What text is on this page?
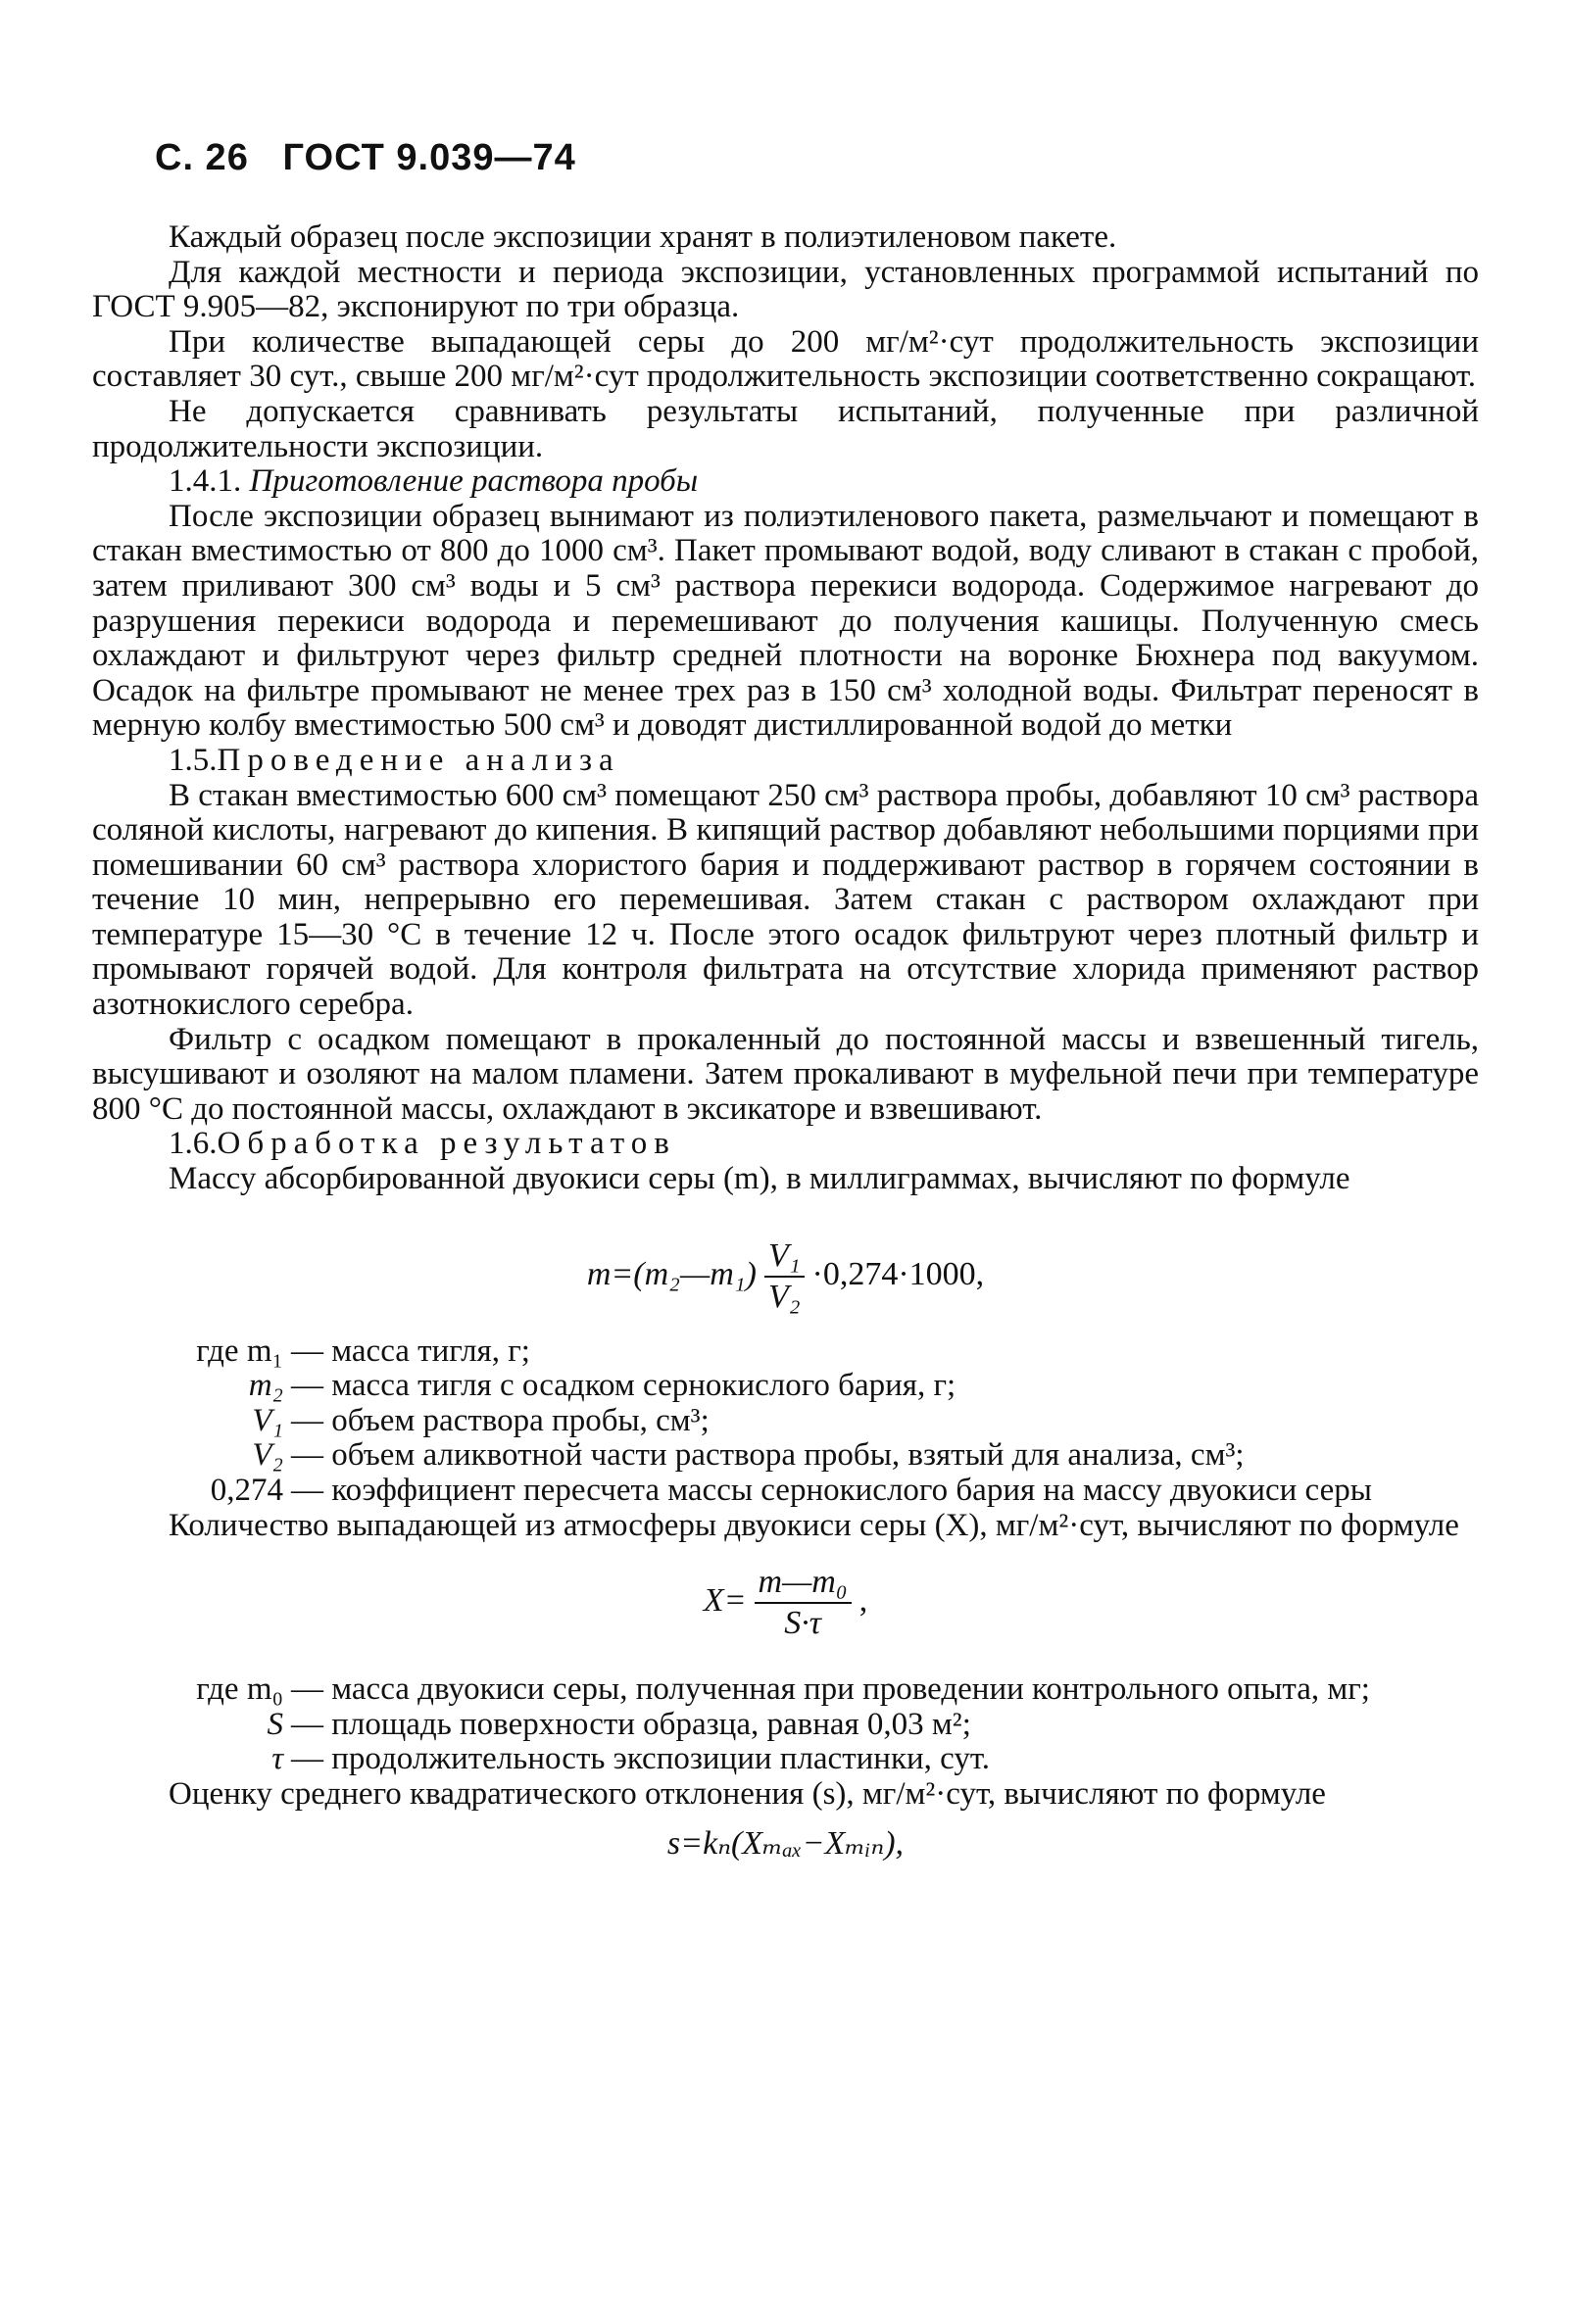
С. 26 ГОСТ 9.039—74

Каждый образец после экспозиции хранят в полиэтиленовом пакете.

Для каждой местности и периода экспозиции, установленных программой испытаний по ГОСТ 9.905—82, экспонируют по три образца.

При количестве выпадающей серы до 200 мг/м²·сут продолжительность экспозиции составляет 30 сут., свыше 200 мг/м²·сут продолжительность экспозиции соответственно сокращают.

Не допускается сравнивать результаты испытаний, полученные при различной продолжительности экспозиции.

1.4.1. Приготовление раствора пробы

После экспозиции образец вынимают из полиэтиленового пакета, размельчают и помещают в стакан вместимостью от 800 до 1000 см³. Пакет промывают водой, воду сливают в стакан с пробой, затем приливают 300 см³ воды и 5 см³ раствора перекиси водорода. Содержимое нагревают до разрушения перекиси водорода и перемешивают до получения кашицы. Полученную смесь охлаждают и фильтруют через фильтр средней плотности на воронке Бюхнера под вакуумом. Осадок на фильтре промывают не менее трех раз в 150 см³ холодной воды. Фильтрат переносят в мерную колбу вместимостью 500 см³ и доводят дистиллированной водой до метки

1.5.Проведение анализа

В стакан вместимостью 600 см³ помещают 250 см³ раствора пробы, добавляют 10 см³ раствора соляной кислоты, нагревают до кипения. В кипящий раствор добавляют небольшими порциями при помешивании 60 см³ раствора хлористого бария и поддерживают раствор в горячем состоянии в течение 10 мин, непрерывно его перемешивая. Затем стакан с раствором охлаждают при температуре 15—30 °С в течение 12 ч. После этого осадок фильтруют через плотный фильтр и промывают горячей водой. Для контроля фильтрата на отсутствие хлорида применяют раствор азотнокислого серебра.

Фильтр с осадком помещают в прокаленный до постоянной массы и взвешенный тигель, высушивают и озоляют на малом пламени. Затем прокаливают в муфельной печи при температуре 800 °С до постоянной массы, охлаждают в эксикаторе и взвешивают.

1.6.Обработка результатов

Массу абсорбированной двуокиси серы (m), в миллиграммах, вычисляют по формуле

m=(m₂—m₁) $\frac{\text{V₁}}{\text{V₂}} \cdot 0,274\cdot 1000$,
где m₁ — масса тигля, г;
m₂ — масса тигля с осадком сернокислого бария, г;
V₁ — объем раствора пробы, см³;
V₂ — объем аликвотной части раствора пробы, взятый для анализа, см³;
0,274 — коэффициент пересчета массы сернокислого бария на массу двуокиси серы

Количество выпадающей из атмосферы двуокиси серы (X), мг/м²·сут, вычисляют по формуле

$X= \frac{\text{m—m₀}}{S\cdot\tau}$ ,
где m₀ — масса двуокиси серы, полученная при проведении контрольного опыта, мг;
S — площадь поверхности образца, равная 0,03 м²;
τ — продолжительность экспозиции пластинки, сут.

Оценку среднего квадратического отклонения (s), мг/м²·сут, вычисляют по формуле

s=kₙ(Xₘₐₓ−Xₘᵢₙ),
